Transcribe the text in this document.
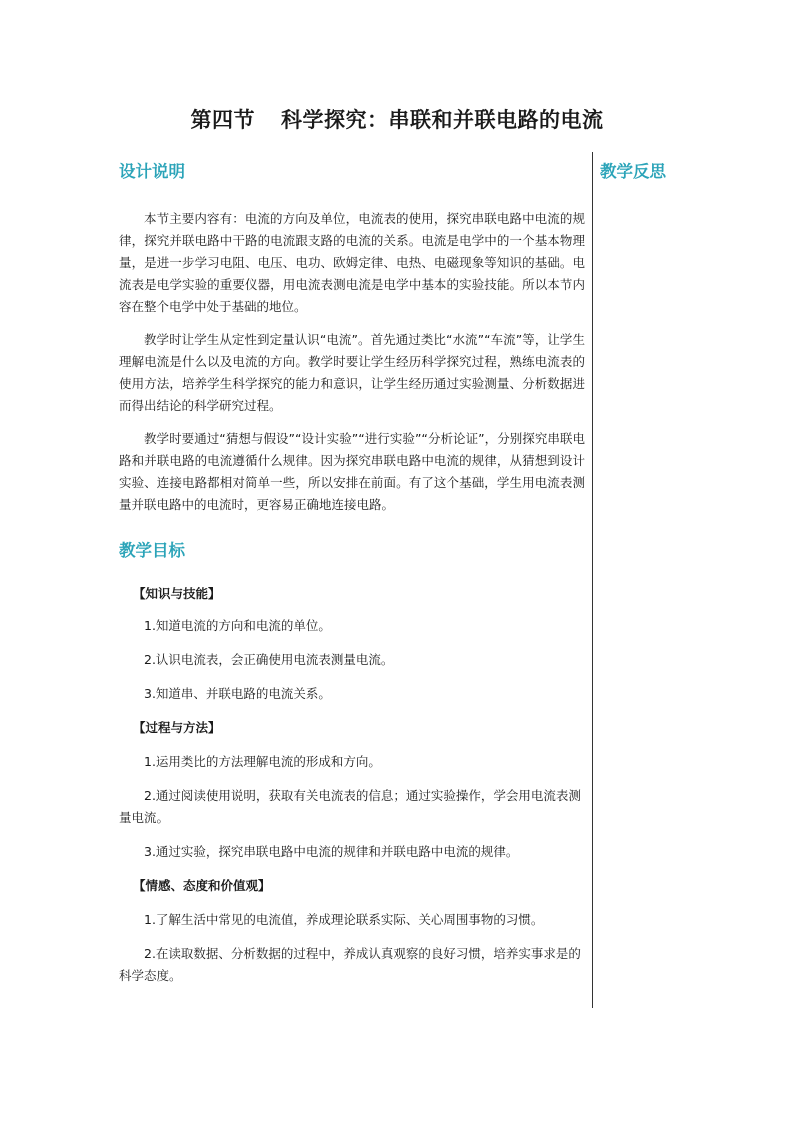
第四节 科学探究：串联和并联电路的电流
设计说明

本节主要内容有：电流的方向及单位，电流表的使用，探究串联电路中电流的规律，探究并联电路中干路的电流跟支路的电流的关系。电流是电学中的一个基本物理量，是进一步学习电阻、电压、电功、欧姆定律、电热、电磁现象等知识的基础。电流表是电学实验的重要仪器，用电流表测电流是电学中基本的实验技能。所以本节内容在整个电学中处于基础的地位。

教学时让学生从定性到定量认识“电流”。首先通过类比“水流”“车流”等，让学生理解电流是什么以及电流的方向。教学时要让学生经历科学探究过程，熟练电流表的使用方法，培养学生科学探究的能力和意识，让学生经历通过实验测量、分析数据进而得出结论的科学研究过程。

教学时要通过“猜想与假设”“设计实验”“进行实验”“分析论证”，分别探究串联电路和并联电路的电流遵循什么规律。因为探究串联电路中电流的规律，从猜想到设计实验、连接电路都相对简单一些，所以安排在前面。有了这个基础，学生用电流表测量并联电路中的电流时，更容易正确地连接电路。

教学目标

【知识与技能】

1.知道电流的方向和电流的单位。

2.认识电流表，会正确使用电流表测量电流。

3.知道串、并联电路的电流关系。

【过程与方法】

1.运用类比的方法理解电流的形成和方向。

2.通过阅读使用说明，获取有关电流表的信息；通过实验操作，学会用电流表测量电流。

3.通过实验，探究串联电路中电流的规律和并联电路中电流的规律。

【情感、态度和价值观】

1.了解生活中常见的电流值，养成理论联系实际、关心周围事物的习惯。

2.在读取数据、分析数据的过程中，养成认真观察的良好习惯，培养实事求是的科学态度。

教学反思
